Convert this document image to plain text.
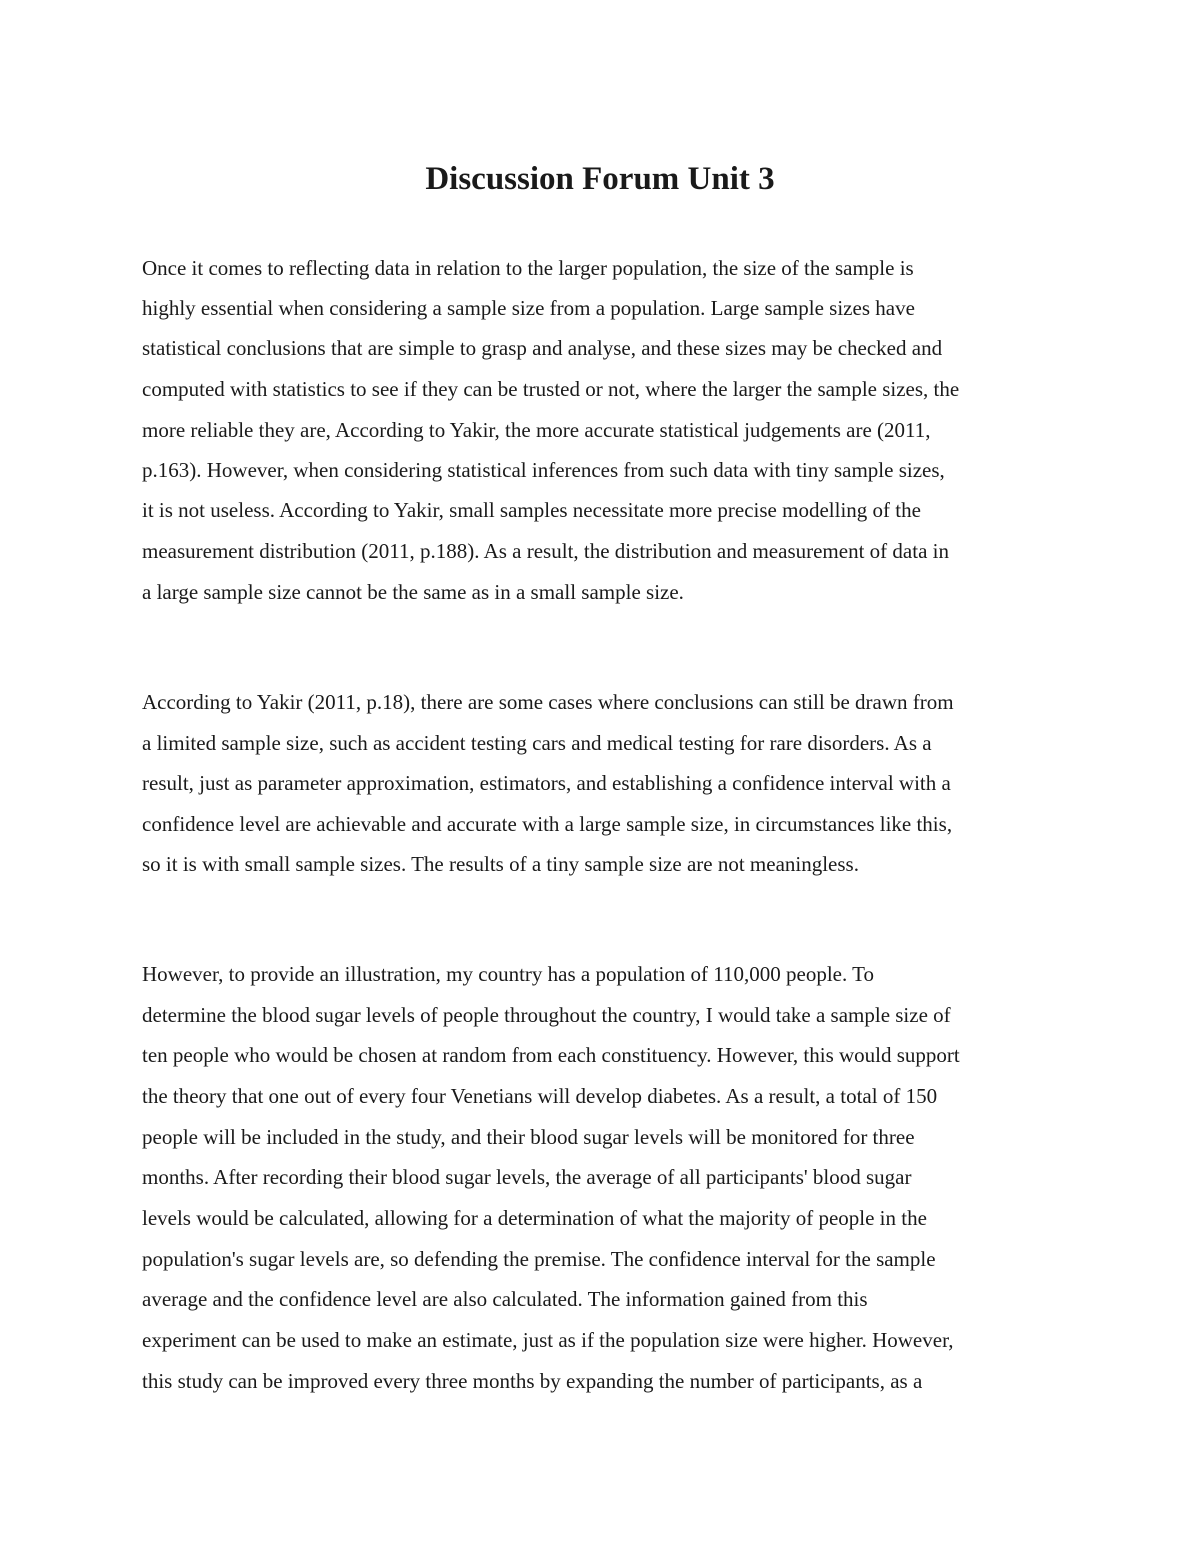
Discussion Forum Unit 3
Once it comes to reflecting data in relation to the larger population, the size of the sample is
highly essential when considering a sample size from a population. Large sample sizes have
statistical conclusions that are simple to grasp and analyse, and these sizes may be checked and
computed with statistics to see if they can be trusted or not, where the larger the sample sizes, the
more reliable they are, According to Yakir, the more accurate statistical judgements are (2011,
p.163). However, when considering statistical inferences from such data with tiny sample sizes,
it is not useless. According to Yakir, small samples necessitate more precise modelling of the
measurement distribution (2011, p.188). As a result, the distribution and measurement of data in
a large sample size cannot be the same as in a small sample size.
According to Yakir (2011, p.18), there are some cases where conclusions can still be drawn from
a limited sample size, such as accident testing cars and medical testing for rare disorders. As a
result, just as parameter approximation, estimators, and establishing a confidence interval with a
confidence level are achievable and accurate with a large sample size, in circumstances like this,
so it is with small sample sizes. The results of a tiny sample size are not meaningless.
However, to provide an illustration, my country has a population of 110,000 people. To
determine the blood sugar levels of people throughout the country, I would take a sample size of
ten people who would be chosen at random from each constituency. However, this would support
the theory that one out of every four Venetians will develop diabetes. As a result, a total of 150
people will be included in the study, and their blood sugar levels will be monitored for three
months. After recording their blood sugar levels, the average of all participants' blood sugar
levels would be calculated, allowing for a determination of what the majority of people in the
population's sugar levels are, so defending the premise. The confidence interval for the sample
average and the confidence level are also calculated. The information gained from this
experiment can be used to make an estimate, just as if the population size were higher. However,
this study can be improved every three months by expanding the number of participants, as a
